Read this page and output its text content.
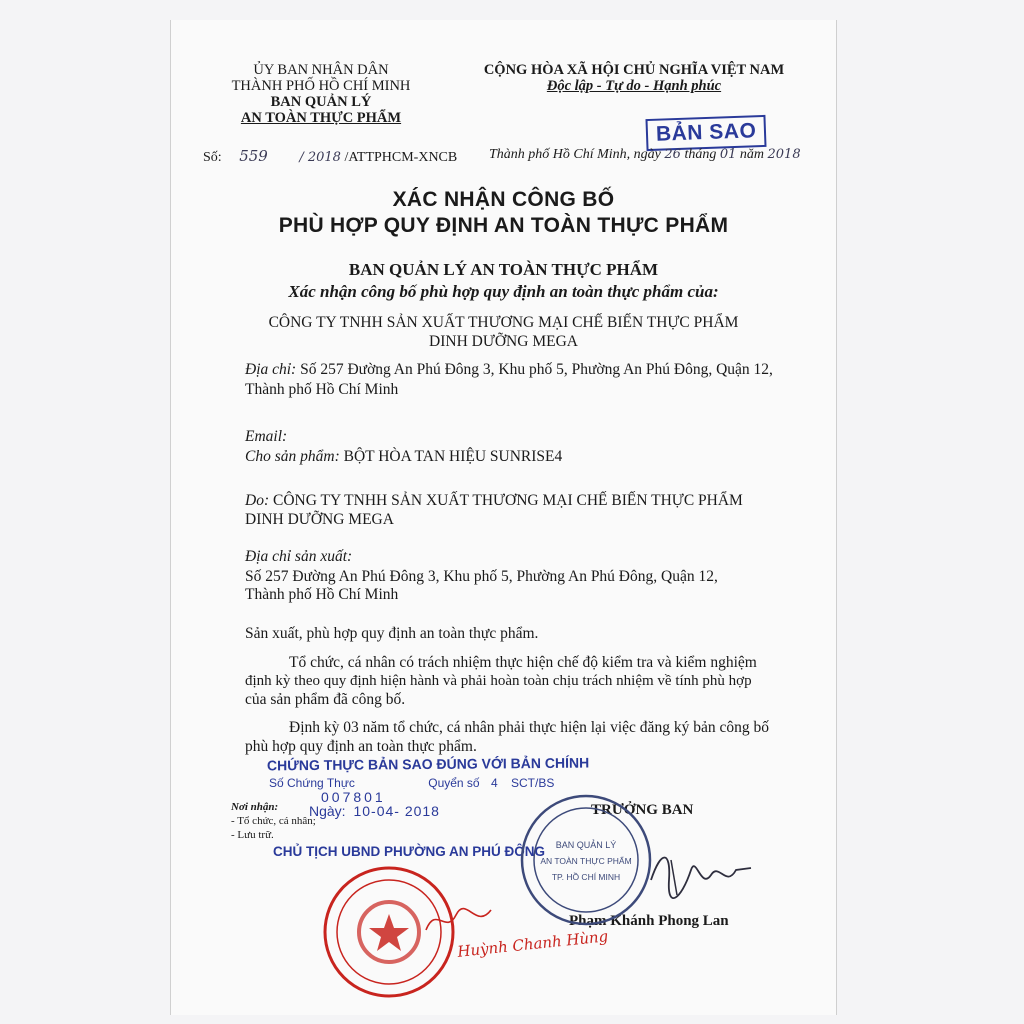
ỦY BAN NHÂN DÂN
THÀNH PHỐ HỒ CHÍ MINH
BAN QUẢN LÝ
AN TOÀN THỰC PHẨM
CỘNG HÒA XÃ HỘI CHỦ NGHĨA VIỆT NAM
Độc lập - Tự do - Hạnh phúc
BẢN SAO
Số: 559 / 2018 /ATTPHCM-XNCB Thành phố Hồ Chí Minh, ngày 26 tháng 01 năm 2018
XÁC NHẬN CÔNG BỐ
PHÙ HỢP QUY ĐỊNH AN TOÀN THỰC PHẨM
BAN QUẢN LÝ AN TOÀN THỰC PHẨM
Xác nhận công bố phù hợp quy định an toàn thực phẩm của:
CÔNG TY TNHH SẢN XUẤT THƯƠNG MẠI CHẾ BIẾN THỰC PHẨM
DINH DƯỠNG MEGA
Địa chỉ: Số 257 Đường An Phú Đông 3, Khu phố 5, Phường An Phú Đông, Quận 12,
Thành phố Hồ Chí Minh
Email:
Cho sản phẩm: BỘT HÒA TAN HIỆU SUNRISE4
Do: CÔNG TY TNHH SẢN XUẤT THƯƠNG MẠI CHẾ BIẾN THỰC PHẨM
DINH DƯỠNG MEGA
Địa chỉ sản xuất:
Số 257 Đường An Phú Đông 3, Khu phố 5, Phường An Phú Đông, Quận 12,
Thành phố Hồ Chí Minh
Sản xuất, phù hợp quy định an toàn thực phẩm.
Tổ chức, cá nhân có trách nhiệm thực hiện chế độ kiểm tra và kiểm nghiệm
định kỳ theo quy định hiện hành và phải hoàn toàn chịu trách nhiệm về tính phù hợp
của sản phẩm đã công bố.
Định kỳ 03 năm tổ chức, cá nhân phải thực hiện lại việc đăng ký bản công bố
phù hợp quy định an toàn thực phẩm.
CHỨNG THỰC BẢN SAO ĐÚNG VỚI BẢN CHÍNH
Số Chứng Thực	Quyển số 4 SCT/BS
007801
Ngày: 10-04- 2018
CHỦ TỊCH UBND PHƯỜNG AN PHÚ ĐÔNG
Huỳnh Chanh Hùng
Nơi nhận:
- Tổ chức, cá nhân;
- Lưu trữ.
TRƯỞNG BAN
Phạm Khánh Phong Lan
BAN QUẢN LÝ
AN TOÀN THỰC PHẨM
TP. HỒ CHÍ MINH
